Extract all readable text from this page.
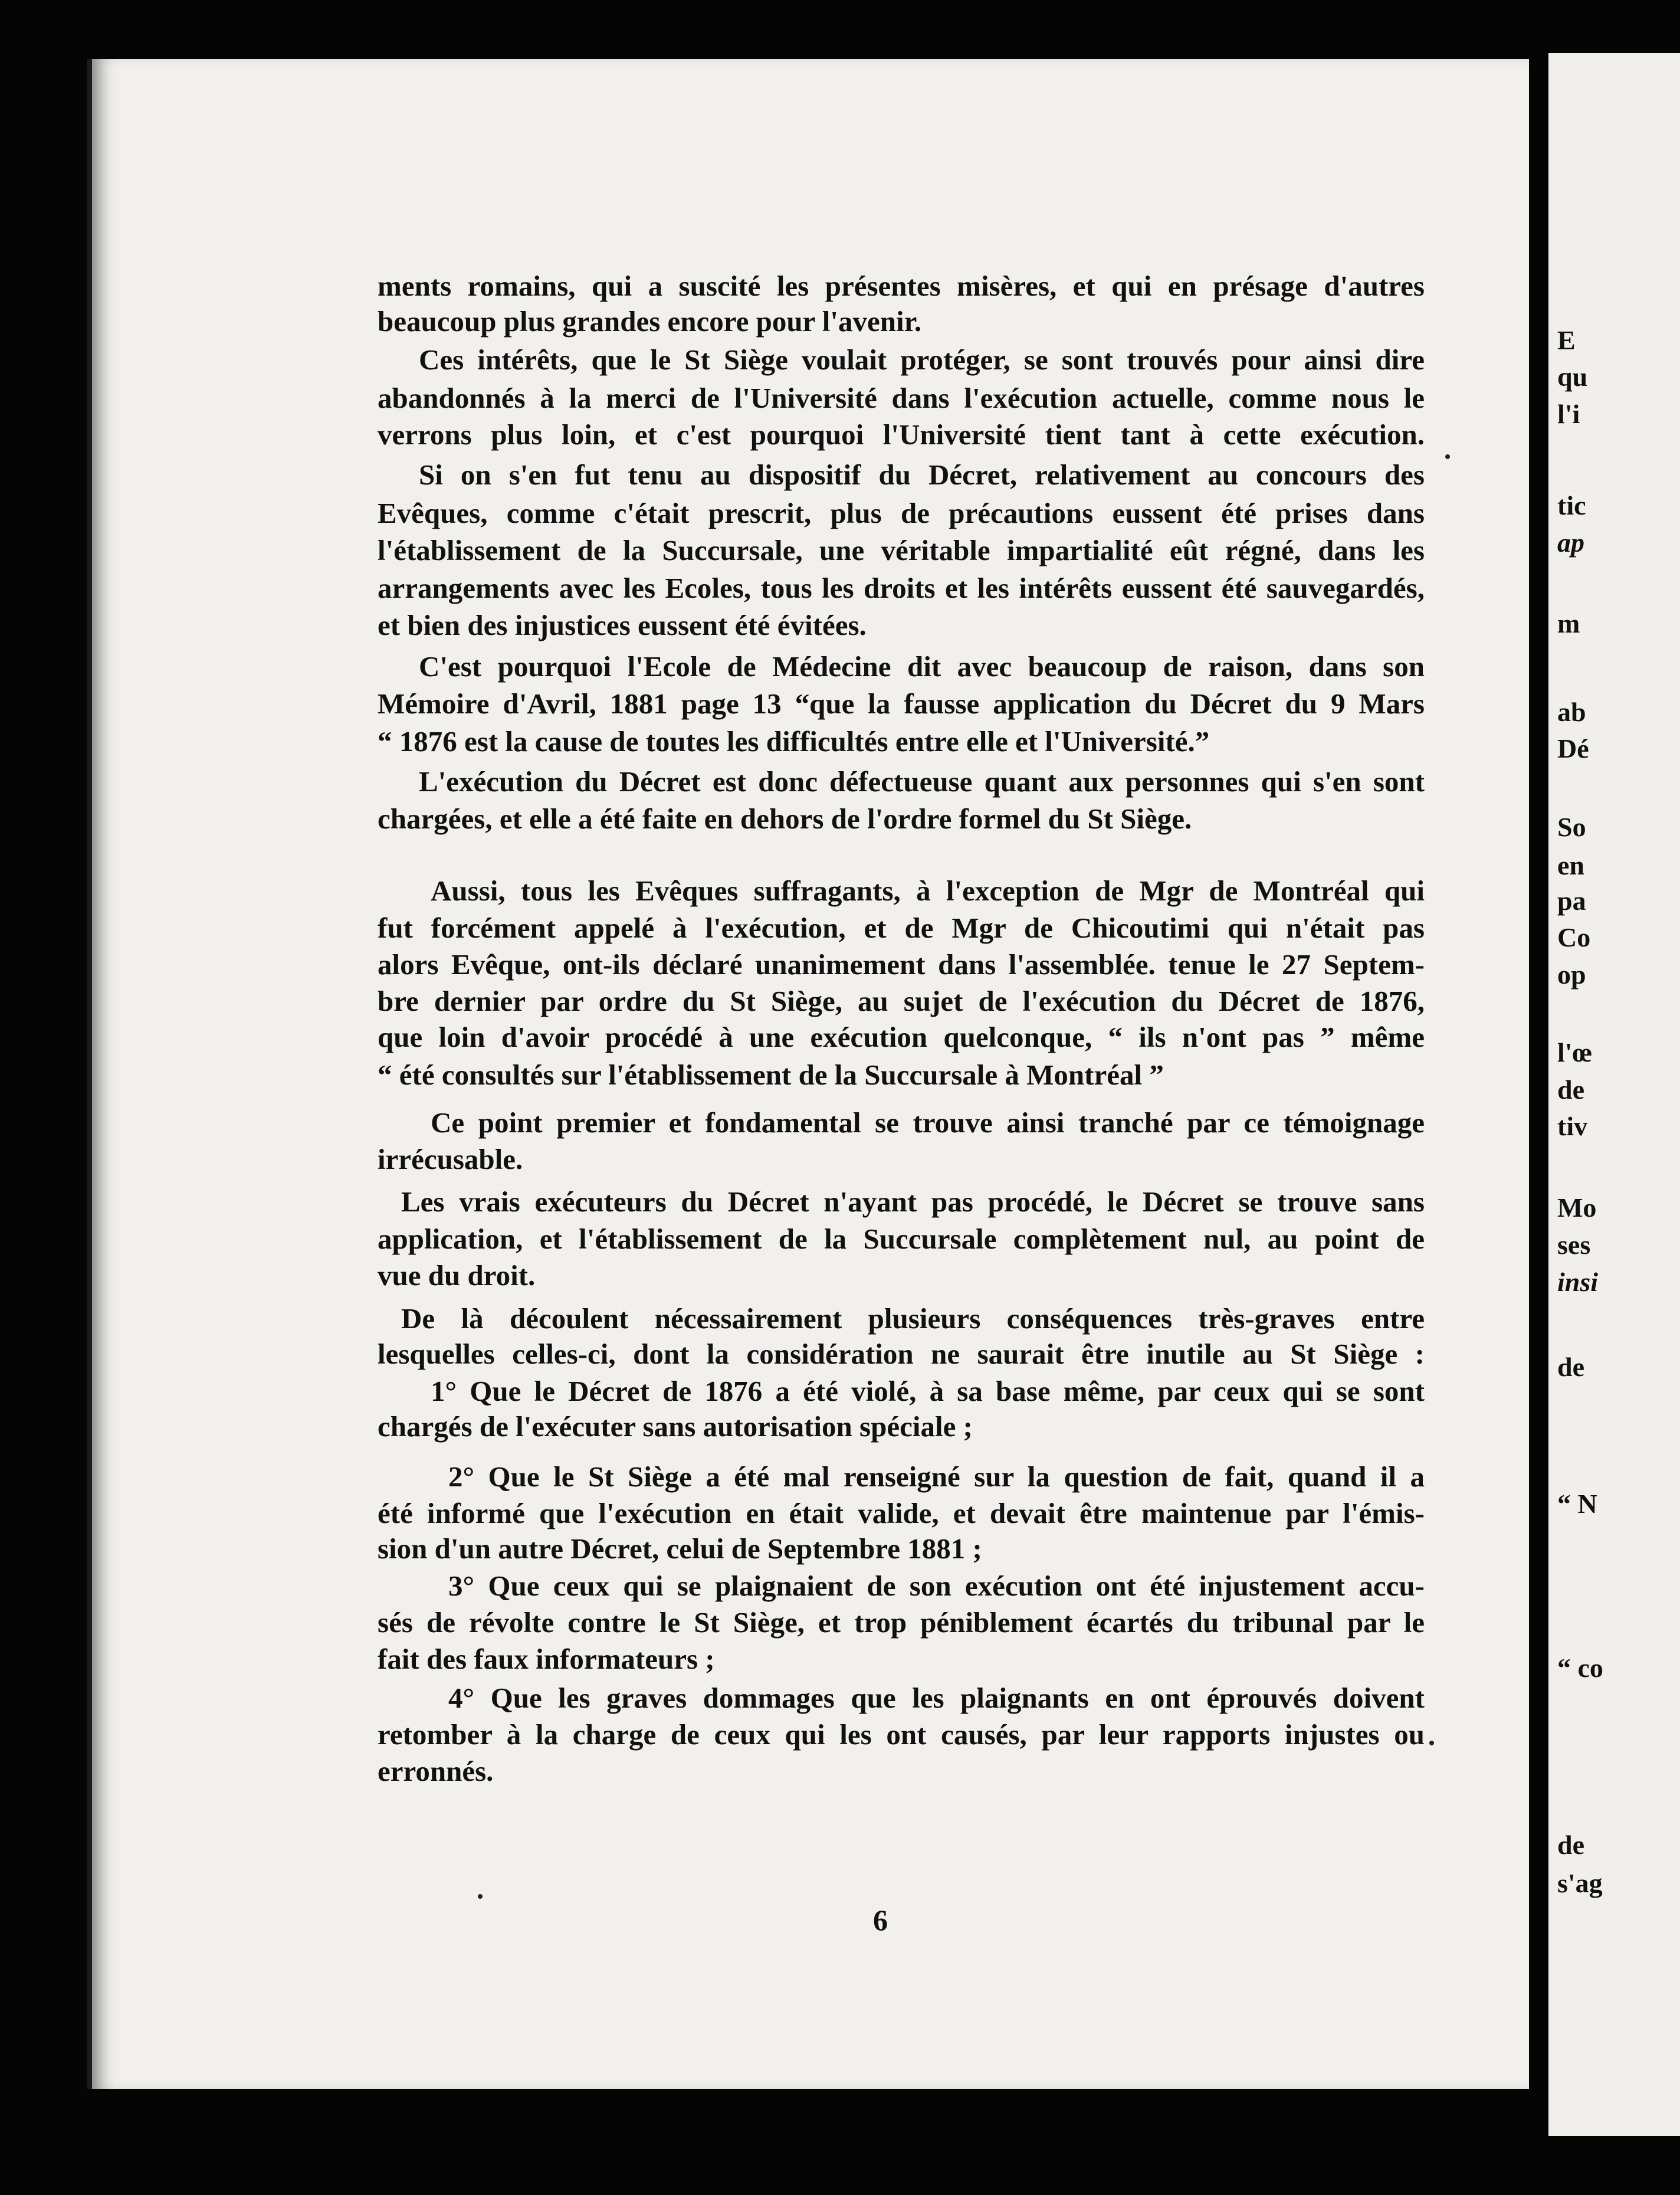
ments romains, qui a suscité les présentes misères, et qui en présage d'autres
beaucoup plus grandes encore pour l'avenir.
Ces intérêts, que le St Siège voulait protéger, se sont trouvés pour ainsi dire
abandonnés à la merci de l'Université dans l'exécution actuelle, comme nous le
verrons plus loin, et c'est pourquoi l'Université tient tant à cette exécution.
Si on s'en fut tenu au dispositif du Décret, relativement au concours des
Evêques, comme c'était prescrit, plus de précautions eussent été prises dans
l'établissement de la Succursale, une véritable impartialité eût régné, dans les
arrangements avec les Ecoles, tous les droits et les intérêts eussent été sauvegardés,
et bien des injustices eussent été évitées.
C'est pourquoi l'Ecole de Médecine dit avec beaucoup de raison, dans son
Mémoire d'Avril, 1881 page 13 “que la fausse application du Décret du 9 Mars
“ 1876 est la cause de toutes les difficultés entre elle et l'Université.”
L'exécution du Décret est donc défectueuse quant aux personnes qui s'en sont
chargées, et elle a été faite en dehors de l'ordre formel du St Siège.
Aussi, tous les Evêques suffragants, à l'exception de Mgr de Montréal qui
fut forcément appelé à l'exécution, et de Mgr de Chicoutimi qui n'était pas
alors Evêque, ont-ils déclaré unanimement dans l'assemblée. tenue le 27 Septem-
bre dernier par ordre du St Siège, au sujet de l'exécution du Décret de 1876,
que loin d'avoir procédé à une exécution quelconque, “ ils n'ont pas ” même
“ été consultés sur l'établissement de la Succursale à Montréal ”
Ce point premier et fondamental se trouve ainsi tranché par ce témoignage
irrécusable.
Les vrais exécuteurs du Décret n'ayant pas procédé, le Décret se trouve sans
application, et l'établissement de la Succursale complètement nul, au point de
vue du droit.
De là découlent nécessairement plusieurs conséquences très-graves entre
lesquelles celles-ci, dont la considération ne saurait être inutile au St Siège :
1° Que le Décret de 1876 a été violé, à sa base même, par ceux qui se sont
chargés de l'exécuter sans autorisation spéciale ;
2° Que le St Siège a été mal renseigné sur la question de fait, quand il a
été informé que l'exécution en était valide, et devait être maintenue par l'émis-
sion d'un autre Décret, celui de Septembre 1881 ;
3° Que ceux qui se plaignaient de son exécution ont été injustement accu-
sés de révolte contre le St Siège, et trop péniblement écartés du tribunal par le
fait des faux informateurs ;
4° Que les graves dommages que les plaignants en ont éprouvés doivent
retomber à la charge de ceux qui les ont causés, par leur rapports injustes ou
erronnés.
6
E
qu
l'i
tic
ap
m
ab
Dé
So
en
pa
Co
op
l'œ
de
tiv
Mo
ses
insi
de
“ N
“ co
de
s'ag
